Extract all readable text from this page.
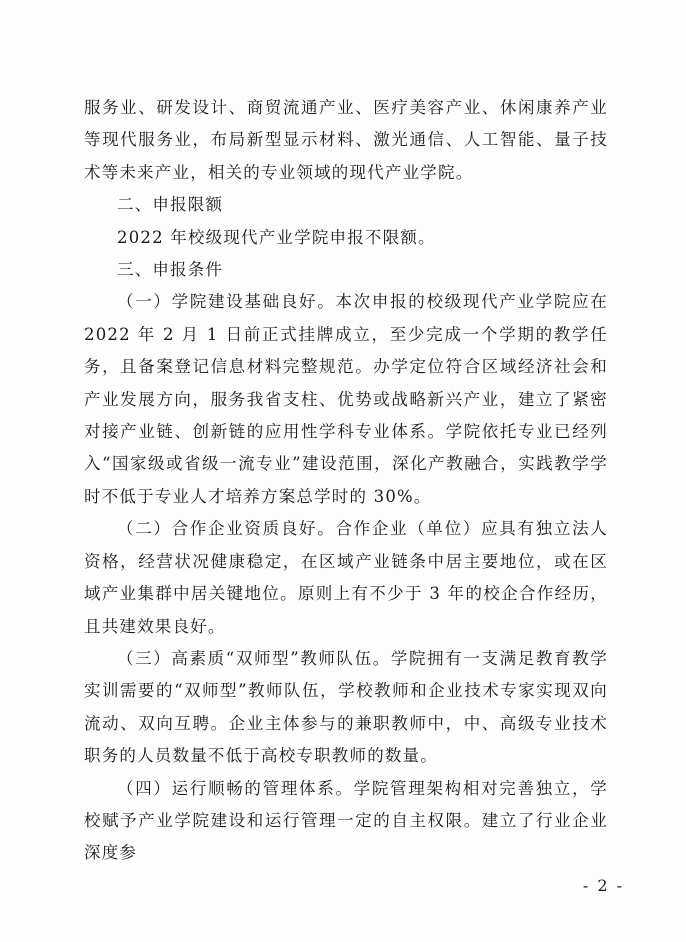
服务业、研发设计、商贸流通产业、医疗美容产业、休闲康养产业等现代服务业，布局新型显示材料、激光通信、人工智能、量子技术等未来产业，相关的专业领域的现代产业学院。

二、申报限额

2022 年校级现代产业学院申报不限额。

三、申报条件

（一）学院建设基础良好。本次申报的校级现代产业学院应在 2022 年 2 月 1 日前正式挂牌成立，至少完成一个学期的教学任务，且备案登记信息材料完整规范。办学定位符合区域经济社会和产业发展方向，服务我省支柱、优势或战略新兴产业，建立了紧密对接产业链、创新链的应用性学科专业体系。学院依托专业已经列入“国家级或省级一流专业”建设范围，深化产教融合，实践教学学时不低于专业人才培养方案总学时的 30%。

（二）合作企业资质良好。合作企业（单位）应具有独立法人资格，经营状况健康稳定，在区域产业链条中居主要地位，或在区域产业集群中居关键地位。原则上有不少于 3 年的校企合作经历，且共建效果良好。

（三）高素质“双师型”教师队伍。学院拥有一支满足教育教学实训需要的“双师型”教师队伍，学校教师和企业技术专家实现双向流动、双向互聘。企业主体参与的兼职教师中，中、高级专业技术职务的人员数量不低于高校专职教师的数量。

（四）运行顺畅的管理体系。学院管理架构相对完善独立，学校赋予产业学院建设和运行管理一定的自主权限。建立了行业企业深度参

- 2 -
